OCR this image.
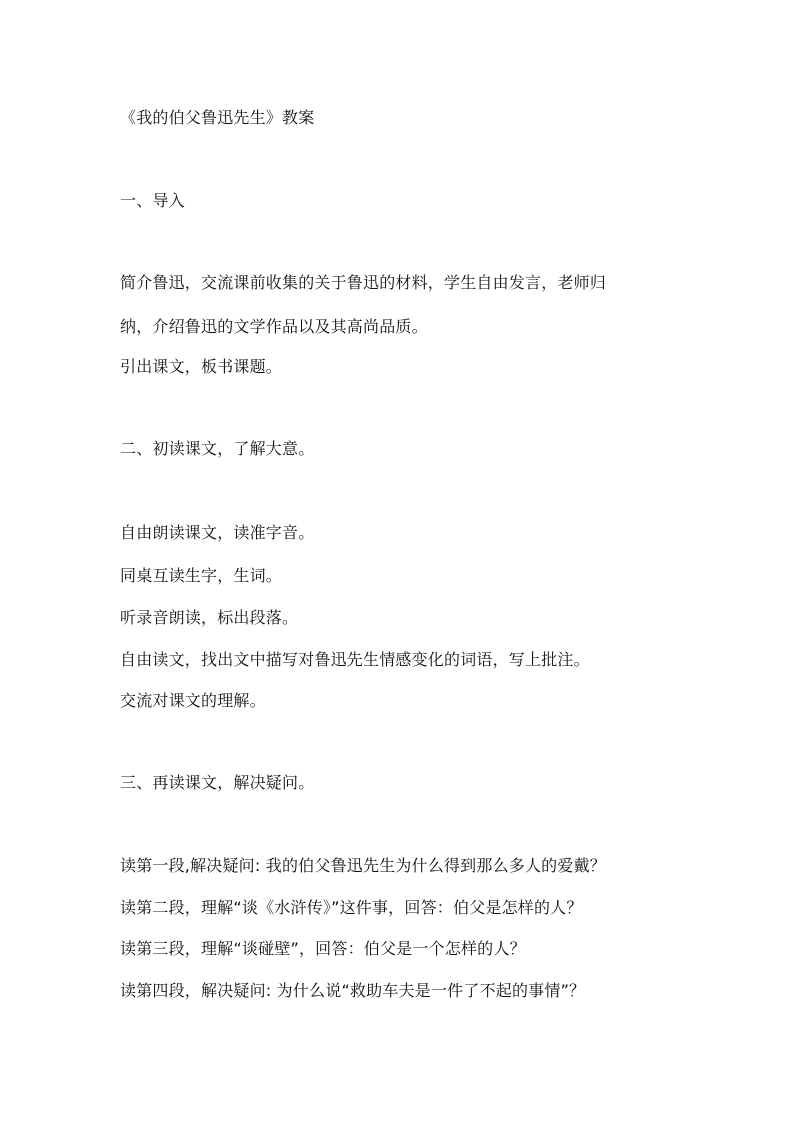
《我的伯父鲁迅先生》教案
一、导入
简介鲁迅，交流课前收集的关于鲁迅的材料，学生自由发言，老师归
纳，介绍鲁迅的文学作品以及其高尚品质。
引出课文，板书课题。
二、初读课文，了解大意。
自由朗读课文，读准字音。
同桌互读生字，生词。
听录音朗读，标出段落。
自由读文，找出文中描写对鲁迅先生情感变化的词语，写上批注。
交流对课文的理解。
三、再读课文，解决疑问。
读第一段,解决疑问: 我的伯父鲁迅先生为什么得到那么多人的爱戴？
读第二段，理解“谈《水浒传》”这件事，回答：伯父是怎样的人？
读第三段，理解“谈碰壁”，回答：伯父是一个怎样的人？
读第四段，解决疑问: 为什么说“救助车夫是一件了不起的事情”？
